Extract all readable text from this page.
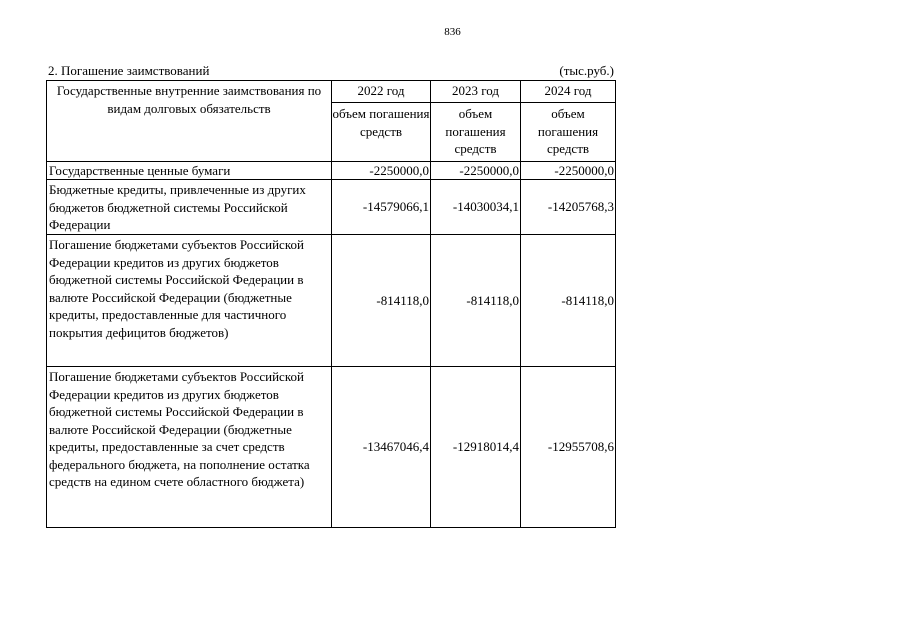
836
2. Погашение заимствований	(тыс.руб.)
Государственные внутренние заимствования по видам долговых обязательств	2022 год	2023 год	2024 год
	объем погашения средств	объем погашения средств	объем погашения средств
Государственные ценные бумаги	-2250000,0	-2250000,0	-2250000,0
Бюджетные кредиты, привлеченные из других бюджетов бюджетной системы Российской Федерации	-14579066,1	-14030034,1	-14205768,3
Погашение бюджетами субъектов Российской Федерации кредитов из других бюджетов бюджетной системы Российской Федерации в валюте Российской Федерации (бюджетные кредиты, предоставленные для частичного покрытия дефицитов бюджетов)	-814118,0	-814118,0	-814118,0
Погашение бюджетами субъектов Российской Федерации кредитов из других бюджетов бюджетной системы Российской Федерации в валюте Российской Федерации (бюджетные кредиты, предоставленные за счет средств федерального бюджета, на пополнение остатка средств на едином счете областного бюджета)	-13467046,4	-12918014,4	-12955708,6
